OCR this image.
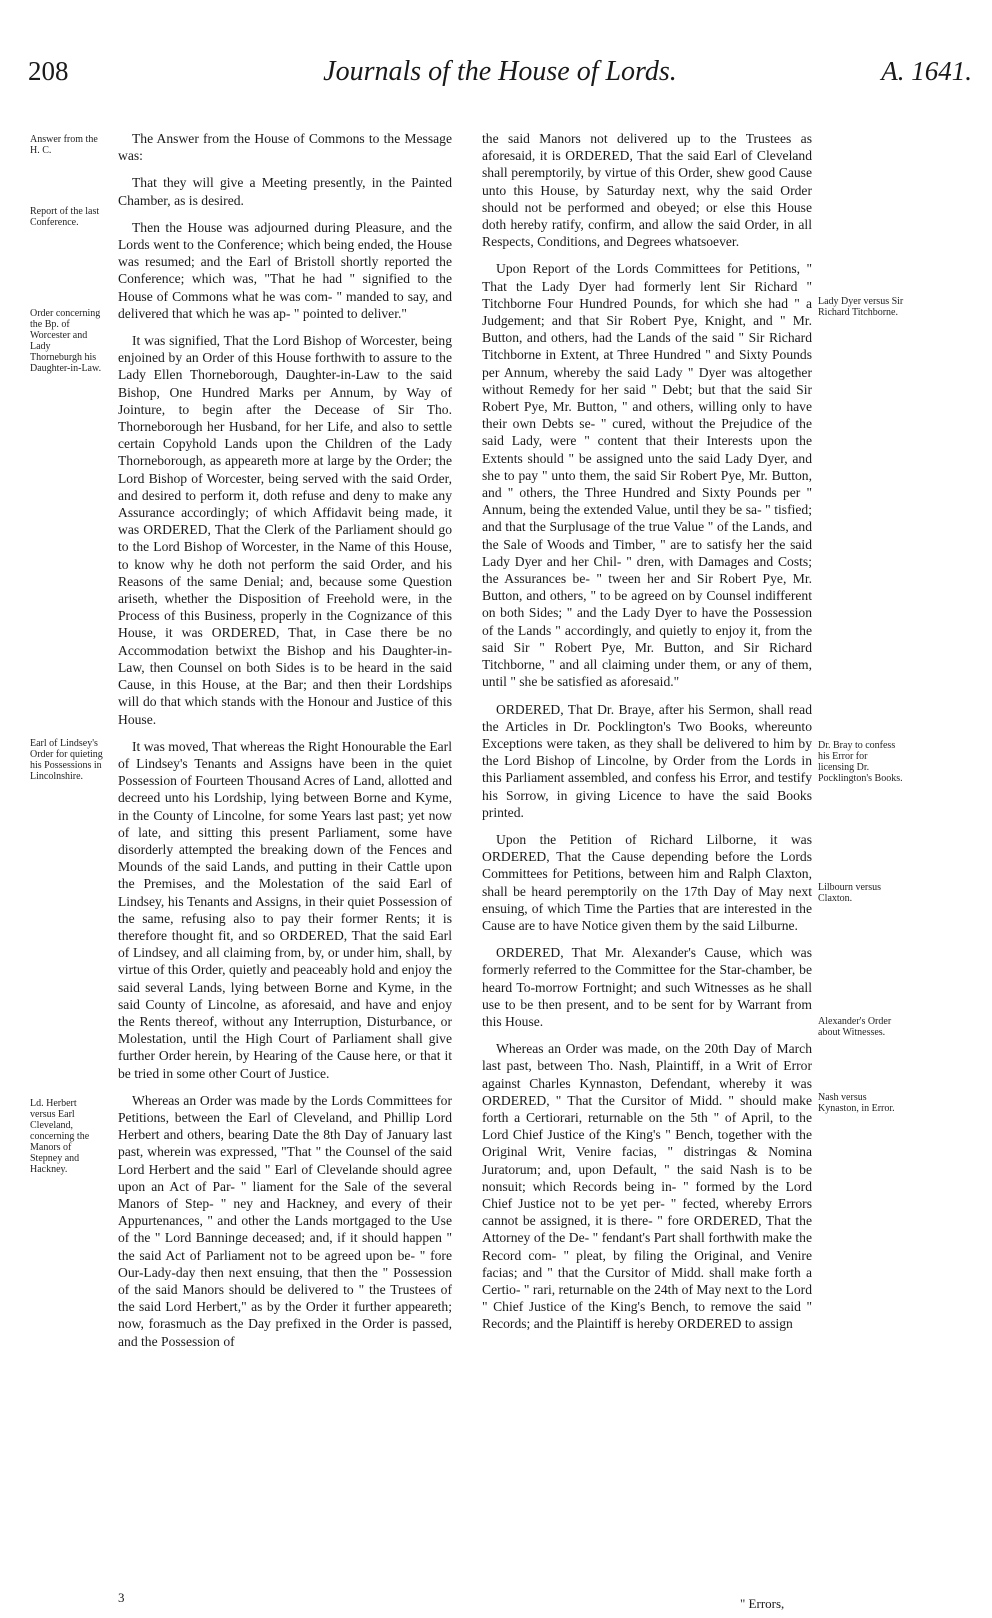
208	Journals of the House of Lords.	A. 1641.
Answer from the H. C.
Report of the last Conference.
Order concerning the Bp. of Worcester and Lady Thorneburgh his Daughter-in-Law.
Earl of Lindsey's Order for quieting his Possessions in Lincolnshire.
Ld. Herbert versus Earl Cleveland, concerning the Manors of Stepney and Hackney.
Lady Dyer versus Sir Richard Titchborne.
Dr. Bray to confess his Error for licensing Dr. Pocklington's Books.
Lilbourn versus Claxton.
Alexander's Order about Witnesses.
Nash versus Kynaston, in Error.

The Answer from the House of Commons to the Message was:

That they will give a Meeting presently, in the Painted Chamber, as is desired.

Then the House was adjourned during Pleasure, and the Lords went to the Conference; which being ended, the House was resumed; and the Earl of Bristoll shortly reported the Conference; which was, "That he had " signified to the House of Commons what he was com- " manded to say, and delivered that which he was ap- " pointed to deliver."

It was signified, That the Lord Bishop of Worcester, being enjoined by an Order of this House forthwith to assure to the Lady Ellen Thorneborough, Daughter-in-Law to the said Bishop, One Hundred Marks per Annum, by Way of Jointure, to begin after the Decease of Sir Tho. Thorneborough her Husband, for her Life, and also to settle certain Copyhold Lands upon the Children of the Lady Thorneborough, as appeareth more at large by the Order; the Lord Bishop of Worcester, being served with the said Order, and desired to perform it, doth refuse and deny to make any Assurance accordingly; of which Affidavit being made, it was ORDERED, That the Clerk of the Parliament should go to the Lord Bishop of Worcester, in the Name of this House, to know why he doth not perform the said Order, and his Reasons of the same Denial; and, because some Question ariseth, whether the Disposition of Freehold were, in the Process of this Business, properly in the Cognizance of this House, it was ORDERED, That, in Case there be no Accommodation betwixt the Bishop and his Daughter-in-Law, then Counsel on both Sides is to be heard in the said Cause, in this House, at the Bar; and then their Lordships will do that which stands with the Honour and Justice of this House.

It was moved, That whereas the Right Honourable the Earl of Lindsey's Tenants and Assigns have been in the quiet Possession of Fourteen Thousand Acres of Land, allotted and decreed unto his Lordship, lying between Borne and Kyme, in the County of Lincolne, for some Years last past; yet now of late, and sitting this present Parliament, some have disorderly attempted the breaking down of the Fences and Mounds of the said Lands, and putting in their Cattle upon the Premises, and the Molestation of the said Earl of Lindsey, his Tenants and Assigns, in their quiet Possession of the same, refusing also to pay their former Rents; it is therefore thought fit, and so ORDERED, That the said Earl of Lindsey, and all claiming from, by, or under him, shall, by virtue of this Order, quietly and peaceably hold and enjoy the said several Lands, lying between Borne and Kyme, in the said County of Lincolne, as aforesaid, and have and enjoy the Rents thereof, without any Interruption, Disturbance, or Molestation, until the High Court of Parliament shall give further Order herein, by Hearing of the Cause here, or that it be tried in some other Court of Justice.

Whereas an Order was made by the Lords Committees for Petitions, between the Earl of Cleveland, and Phillip Lord Herbert and others, bearing Date the 8th Day of January last past, wherein was expressed, "That " the Counsel of the said Lord Herbert and the said " Earl of Clevelande should agree upon an Act of Par- " liament for the Sale of the several Manors of Step- " ney and Hackney, and every of their Appurtenances, " and other the Lands mortgaged to the Use of the " Lord Banninge deceased; and, if it should happen " the said Act of Parliament not to be agreed upon be- " fore Our-Lady-day then next ensuing, that then the " Possession of the said Manors should be delivered to " the Trustees of the said Lord Herbert," as by the Order it further appeareth; now, forasmuch as the Day prefixed in the Order is passed, and the Possession of

the said Manors not delivered up to the Trustees as aforesaid, it is ORDERED, That the said Earl of Cleveland shall peremptorily, by virtue of this Order, shew good Cause unto this House, by Saturday next, why the said Order should not be performed and obeyed; or else this House doth hereby ratify, confirm, and allow the said Order, in all Respects, Conditions, and Degrees whatsoever.

Upon Report of the Lords Committees for Petitions, " That the Lady Dyer had formerly lent Sir Richard " Titchborne Four Hundred Pounds, for which she had " a Judgement; and that Sir Robert Pye, Knight, and " Mr. Button, and others, had the Lands of the said " Sir Richard Titchborne in Extent, at Three Hundred " and Sixty Pounds per Annum, whereby the said Lady " Dyer was altogether without Remedy for her said " Debt; but that the said Sir Robert Pye, Mr. Button, " and others, willing only to have their own Debts se- " cured, without the Prejudice of the said Lady, were " content that their Interests upon the Extents should " be assigned unto the said Lady Dyer, and she to pay " unto them, the said Sir Robert Pye, Mr. Button, and " others, the Three Hundred and Sixty Pounds per " Annum, being the extended Value, until they be sa- " tisfied; and that the Surplusage of the true Value " of the Lands, and the Sale of Woods and Timber, " are to satisfy her the said Lady Dyer and her Chil- " dren, with Damages and Costs; the Assurances be- " tween her and Sir Robert Pye, Mr. Button, and others, " to be agreed on by Counsel indifferent on both Sides; " and the Lady Dyer to have the Possession of the Lands " accordingly, and quietly to enjoy it, from the said Sir " Robert Pye, Mr. Button, and Sir Richard Titchborne, " and all claiming under them, or any of them, until " she be satisfied as aforesaid."

ORDERED, That Dr. Braye, after his Sermon, shall read the Articles in Dr. Pocklington's Two Books, whereunto Exceptions were taken, as they shall be delivered to him by the Lord Bishop of Lincolne, by Order from the Lords in this Parliament assembled, and confess his Error, and testify his Sorrow, in giving Licence to have the said Books printed.

Upon the Petition of Richard Lilborne, it was ORDERED, That the Cause depending before the Lords Committees for Petitions, between him and Ralph Claxton, shall be heard peremptorily on the 17th Day of May next ensuing, of which Time the Parties that are interested in the Cause are to have Notice given them by the said Lilburne.

ORDERED, That Mr. Alexander's Cause, which was formerly referred to the Committee for the Star-chamber, be heard To-morrow Fortnight; and such Witnesses as he shall use to be then present, and to be sent for by Warrant from this House.

Whereas an Order was made, on the 20th Day of March last past, between Tho. Nash, Plaintiff, in a Writ of Error against Charles Kynnaston, Defendant, whereby it was ORDERED, " That the Cursitor of Midd. " should make forth a Certiorari, returnable on the 5th " of April, to the Lord Chief Justice of the King's " Bench, together with the Original Writ, Venire facias, " distringas & Nomina Juratorum; and, upon Default, " the said Nash is to be nonsuit; which Records being in- " formed by the Lord Chief Justice not to be yet per- " fected, whereby Errors cannot be assigned, it is there- " fore ORDERED, That the Attorney of the De- " fendant's Part shall forthwith make the Record com- " pleat, by filing the Original, and Venire facias; and " that the Cursitor of Midd. shall make forth a Certio- " rari, returnable on the 24th of May next to the Lord " Chief Justice of the King's Bench, to remove the said " Records; and the Plaintiff is hereby ORDERED to assign

3	" Errors,
